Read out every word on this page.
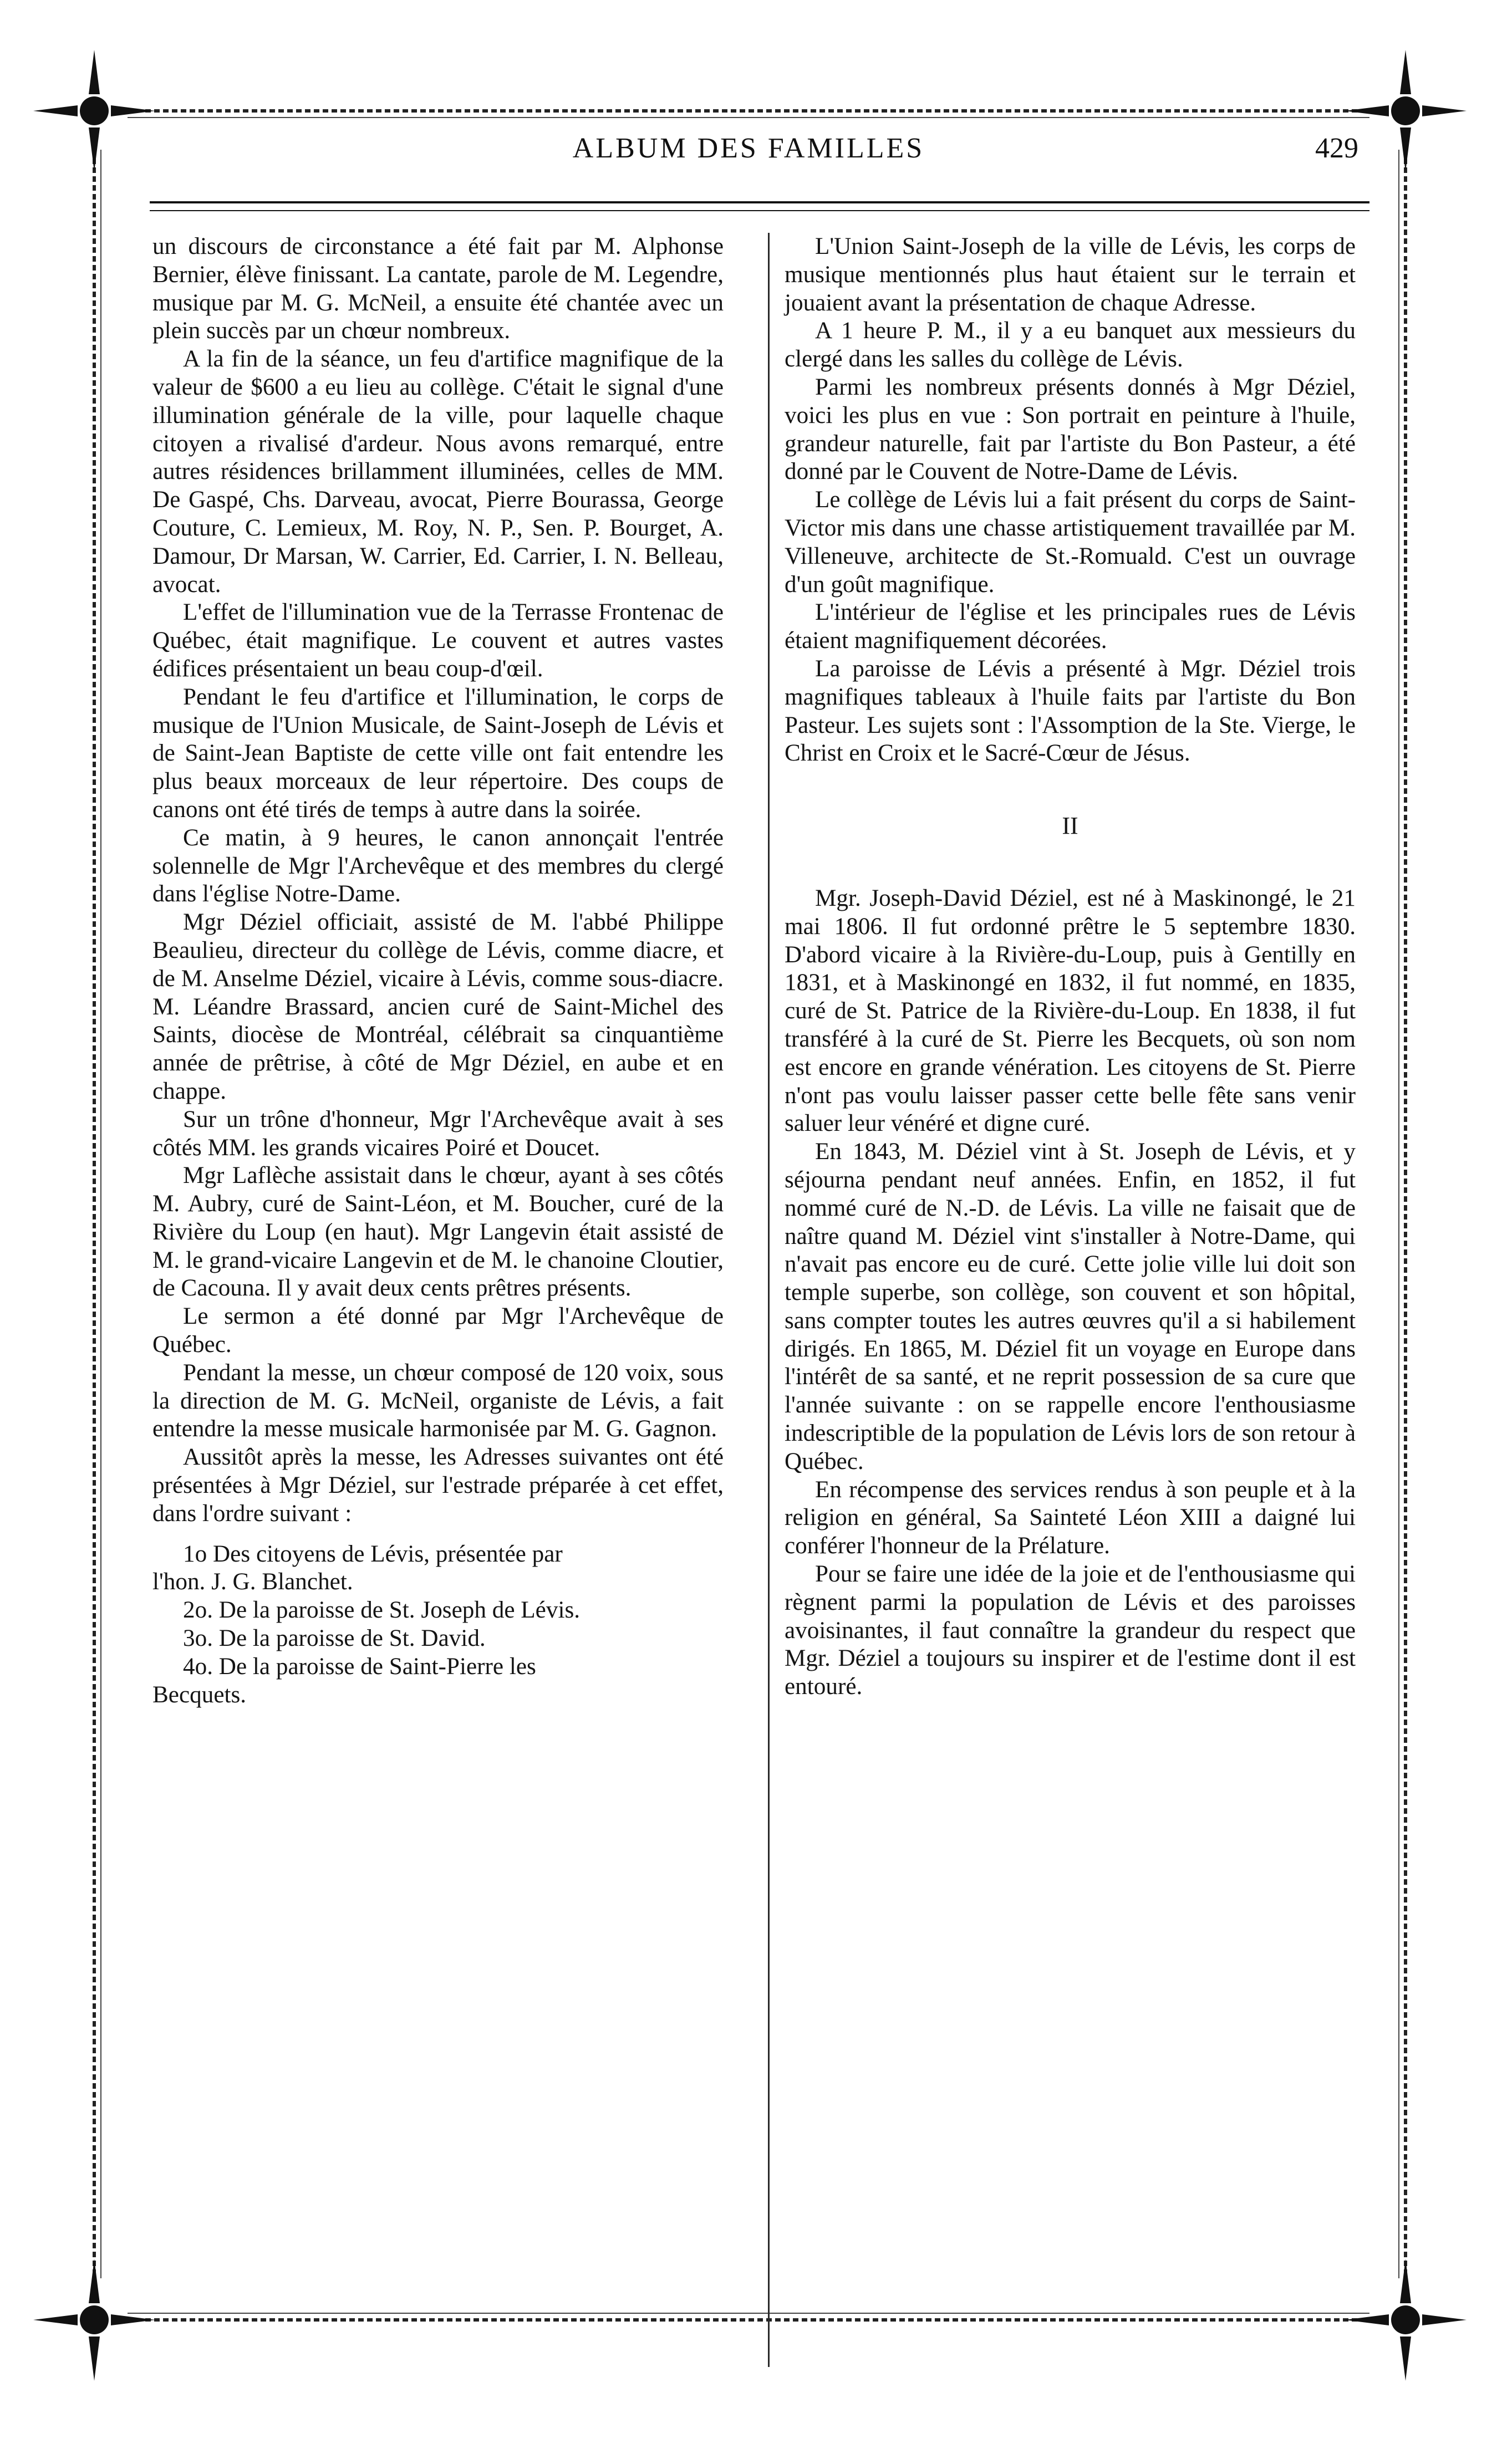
ALBUM DES FAMILLES	429

un discours de circonstance a été fait par M. Alphonse Bernier, élève finissant. La cantate, parole de M. Legendre, musique par M. G. McNeil, a ensuite été chantée avec un plein succès par un chœur nombreux.

A la fin de la séance, un feu d'artifice magnifique de la valeur de $600 a eu lieu au collège. C'était le signal d'une illumination générale de la ville, pour laquelle chaque citoyen a rivalisé d'ardeur. Nous avons remarqué, entre autres résidences brillamment illuminées, celles de MM. De Gaspé, Chs. Darveau, avocat, Pierre Bourassa, George Couture, C. Lemieux, M. Roy, N. P., Sen. P. Bourget, A. Damour, Dr Marsan, W. Carrier, Ed. Carrier, I. N. Belleau, avocat.

L'effet de l'illumination vue de la Terrasse Frontenac de Québec, était magnifique. Le couvent et autres vastes édifices présentaient un beau coup-d'œil.

Pendant le feu d'artifice et l'illumination, le corps de musique de l'Union Musicale, de Saint-Joseph de Lévis et de Saint-Jean Baptiste de cette ville ont fait entendre les plus beaux morceaux de leur répertoire. Des coups de canons ont été tirés de temps à autre dans la soirée.

Ce matin, à 9 heures, le canon annonçait l'entrée solennelle de Mgr l'Archevêque et des membres du clergé dans l'église Notre-Dame.

Mgr Déziel officiait, assisté de M. l'abbé Philippe Beaulieu, directeur du collège de Lévis, comme diacre, et de M. Anselme Déziel, vicaire à Lévis, comme sous-diacre. M. Léandre Brassard, ancien curé de Saint-Michel des Saints, diocèse de Montréal, célébrait sa cinquantième année de prêtrise, à côté de Mgr Déziel, en aube et en chappe.

Sur un trône d'honneur, Mgr l'Archevêque avait à ses côtés MM. les grands vicaires Poiré et Doucet.

Mgr Laflèche assistait dans le chœur, ayant à ses côtés M. Aubry, curé de Saint-Léon, et M. Boucher, curé de la Rivière du Loup (en haut). Mgr Langevin était assisté de M. le grand-vicaire Langevin et de M. le chanoine Cloutier, de Cacouna. Il y avait deux cents prêtres présents.

Le sermon a été donné par Mgr l'Archevêque de Québec.

Pendant la messe, un chœur composé de 120 voix, sous la direction de M. G. McNeil, organiste de Lévis, a fait entendre la messe musicale harmonisée par M. G. Gagnon.

Aussitôt après la messe, les Adresses suivantes ont été présentées à Mgr Déziel, sur l'estrade préparée à cet effet, dans l'ordre suivant :

1o Des citoyens de Lévis, présentée par
l'hon. J. G. Blanchet.
2o. De la paroisse de St. Joseph de Lévis.
3o. De la paroisse de St. David.
4o. De la paroisse de Saint-Pierre les
Becquets.

L'Union Saint-Joseph de la ville de Lévis, les corps de musique mentionnés plus haut étaient sur le terrain et jouaient avant la présentation de chaque Adresse.

A 1 heure P. M., il y a eu banquet aux messieurs du clergé dans les salles du collège de Lévis.

Parmi les nombreux présents donnés à Mgr Déziel, voici les plus en vue : Son portrait en peinture à l'huile, grandeur naturelle, fait par l'artiste du Bon Pasteur, a été donné par le Couvent de Notre-Dame de Lévis.

Le collège de Lévis lui a fait présent du corps de Saint-Victor mis dans une chasse artistiquement travaillée par M. Villeneuve, architecte de St.-Romuald. C'est un ouvrage d'un goût magnifique.

L'intérieur de l'église et les principales rues de Lévis étaient magnifiquement décorées.

La paroisse de Lévis a présenté à Mgr. Déziel trois magnifiques tableaux à l'huile faits par l'artiste du Bon Pasteur. Les sujets sont : l'Assomption de la Ste. Vierge, le Christ en Croix et le Sacré-Cœur de Jésus.

II

Mgr. Joseph-David Déziel, est né à Maskinongé, le 21 mai 1806. Il fut ordonné prêtre le 5 septembre 1830. D'abord vicaire à la Rivière-du-Loup, puis à Gentilly en 1831, et à Maskinongé en 1832, il fut nommé, en 1835, curé de St. Patrice de la Rivière-du-Loup. En 1838, il fut transféré à la curé de St. Pierre les Becquets, où son nom est encore en grande vénération. Les citoyens de St. Pierre n'ont pas voulu laisser passer cette belle fête sans venir saluer leur vénéré et digne curé.

En 1843, M. Déziel vint à St. Joseph de Lévis, et y séjourna pendant neuf années. Enfin, en 1852, il fut nommé curé de N.-D. de Lévis. La ville ne faisait que de naître quand M. Déziel vint s'installer à Notre-Dame, qui n'avait pas encore eu de curé. Cette jolie ville lui doit son temple superbe, son collège, son couvent et son hôpital, sans compter toutes les autres œuvres qu'il a si habilement dirigés. En 1865, M. Déziel fit un voyage en Europe dans l'intérêt de sa santé, et ne reprit possession de sa cure que l'année suivante : on se rappelle encore l'enthousiasme indescriptible de la population de Lévis lors de son retour à Québec.

En récompense des services rendus à son peuple et à la religion en général, Sa Sainteté Léon XIII a daigné lui conférer l'honneur de la Prélature.

Pour se faire une idée de la joie et de l'enthousiasme qui règnent parmi la population de Lévis et des paroisses avoisinantes, il faut connaître la grandeur du respect que Mgr. Déziel a toujours su inspirer et de l'estime dont il est entouré.
